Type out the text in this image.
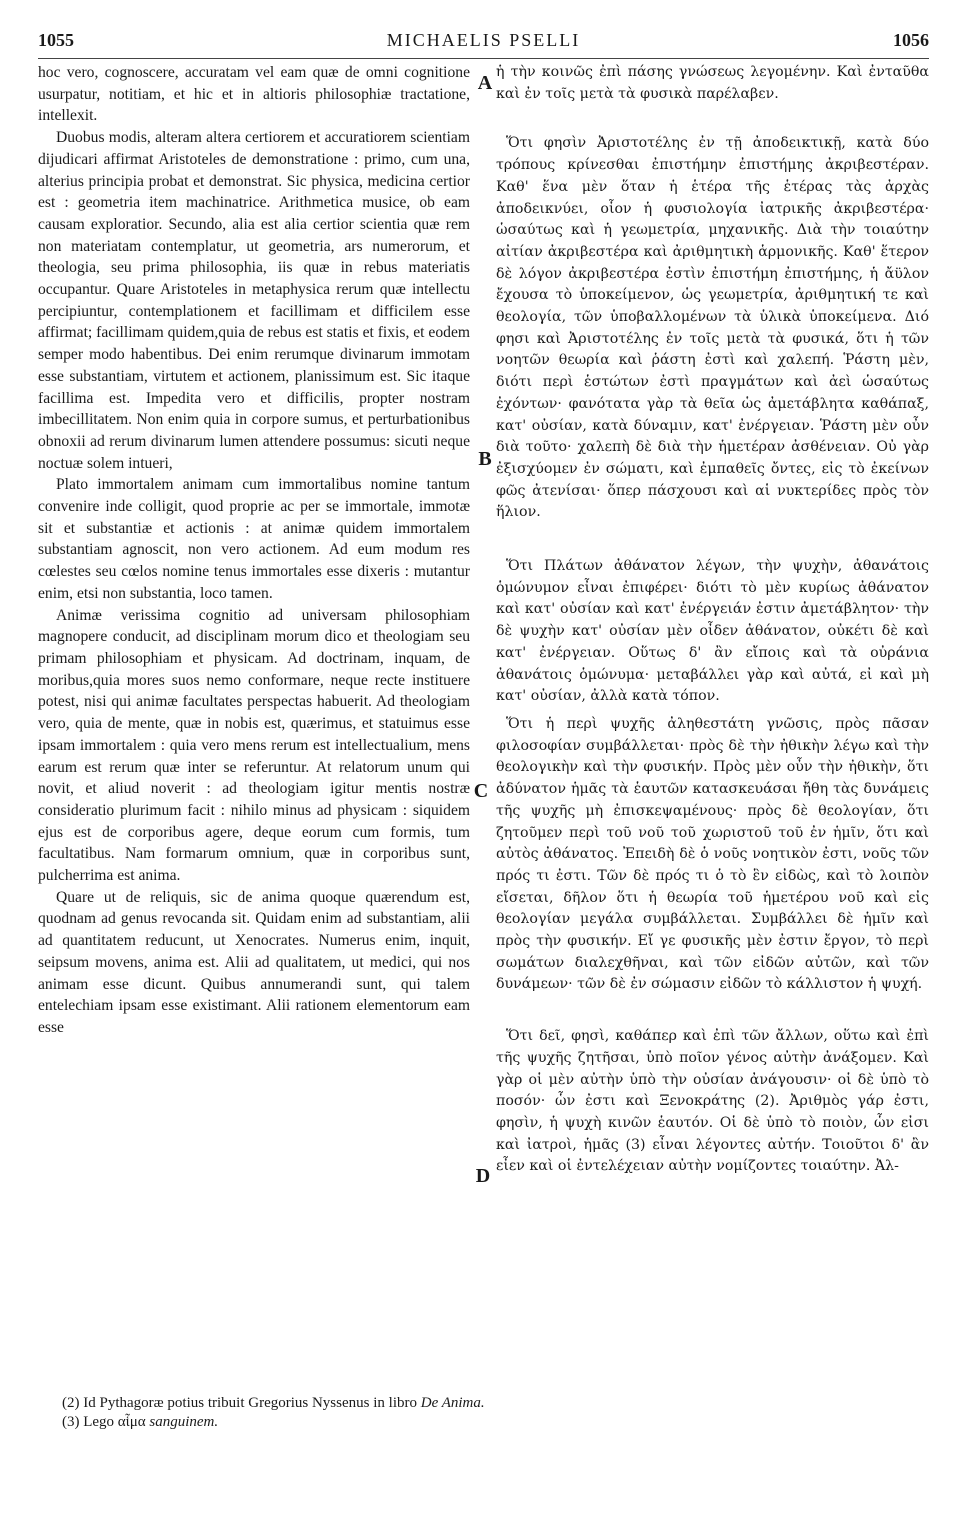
1055	MICHAELIS PSELLI	1056

hoc vero, cognoscere, accuratam vel eam quæ de omni cognitione usurpatur, notitiam, et hic et in altioris philosophiæ tractatione, intellexit.

Duobus modis, alteram altera certiorem et accuratiorem scientiam dijudicari affirmat Aristoteles de demonstratione : primo, cum una, alterius principia probat et demonstrat. Sic physica, medicina certior est : geometria item machinatrice. Arithmetica musice, ob eam causam exploratior. Secundo, alia est alia certior scientia quæ rem non materiatam contemplatur, ut geometria, ars numerorum, et theologia, seu prima philosophia, iis quæ in rebus materiatis occupantur. Quare Aristoteles in metaphysica rerum quæ intellectu percipiuntur, contemplationem et facillimam et difficilem esse affirmat; facillimam quidem,quia de rebus est statis et fixis, et eodem semper modo habentibus. Dei enim rerumque divinarum immotam esse substantiam, virtutem et actionem, planissimum est. Sic itaque facillima est. Impedita vero et difficilis, propter nostram imbecillitatem. Non enim quia in corpore sumus, et perturbationibus obnoxii ad rerum divinarum lumen attendere possumus: sicuti neque noctuæ solem intueri,

Plato immortalem animam cum immortalibus nomine tantum convenire inde colligit, quod proprie ac per se immortale, immotæ sit et substantiæ et actionis : at animæ quidem immortalem substantiam agnoscit, non vero actionem. Ad eum modum res cœlestes seu cœlos nomine tenus immortales esse dixeris : mutantur enim, etsi non substantia, loco tamen.

Animæ verissima cognitio ad universam philosophiam magnopere conducit, ad disciplinam morum dico et theologiam seu primam philosophiam et physicam. Ad doctrinam, inquam, de moribus,quia mores suos nemo conformare, neque recte instituere potest, nisi qui animæ facultates perspectas habuerit. Ad theologiam vero, quia de mente, quæ in nobis est, quærimus, et statuimus esse ipsam immortalem : quia vero mens rerum est intellectualium, mens earum est rerum quæ inter se referuntur. At relatorum unum qui novit, et aliud noverit : ad theologiam igitur mentis nostræ consideratio plurimum facit : nihilo minus ad physicam : siquidem ejus est de corporibus agere, deque eorum cum formis, tum facultatibus. Nam formarum omnium, quæ in corporibus sunt, pulcherrima est anima.

Quare ut de reliquis, sic de anima quoque quærendum est, quodnam ad genus revocanda sit. Quidam enim ad substantiam, alii ad quantitatem reducunt, ut Xenocrates. Numerus enim, inquit, seipsum movens, anima est. Alii ad qualitatem, ut medici, qui nos animam esse dicunt. Quibus annumerandi sunt, qui talem entelechiam ipsam esse existimant. Alii rationem elementorum eam esse

A
B
C
D

ἡ τὴν κοινῶς ἐπὶ πάσης γνώσεως λεγομένην. Καὶ ἐνταῦθα καὶ ἐν τοῖς μετὰ τὰ φυσικὰ παρέλαβεν.

Ὅτι φησὶν Ἀριστοτέλης ἐν τῇ ἀποδεικτικῇ, κατὰ δύο τρόπους κρίνεσθαι ἐπιστήμην ἐπιστήμης ἀκριβεστέραν. Καθ' ἕνα μὲν ὅταν ἡ ἑτέρα τῆς ἑτέρας τὰς ἀρχὰς ἀποδεικνύει, οἷον ἡ φυσιολογία ἰατρικῆς ἀκριβεστέρα· ὡσαύτως καὶ ἡ γεωμετρία, μηχανικῆς. Διὰ τὴν τοιαύτην αἰτίαν ἀκριβεστέρα καὶ ἀριθμητικὴ ἁρμονικῆς. Καθ' ἕτερον δὲ λόγον ἀκριβεστέρα ἐστὶν ἐπιστήμη ἐπιστήμης, ἡ ἄϋλον ἔχουσα τὸ ὑποκείμενον, ὡς γεωμετρία, ἀριθμητική τε καὶ θεολογία, τῶν ὑποβαλλομένων τὰ ὑλικὰ ὑποκείμενα. Διό φησι καὶ Ἀριστοτέλης ἐν τοῖς μετὰ τὰ φυσικά, ὅτι ἡ τῶν νοητῶν θεωρία καὶ ῥάστη ἐστὶ καὶ χαλεπή. Ῥάστη μὲν, διότι περὶ ἑστώτων ἐστὶ πραγμάτων καὶ ἀεὶ ὡσαύτως ἐχόντων· φανότατα γὰρ τὰ θεῖα ὡς ἀμετάβλητα καθάπαξ, κατ' οὐσίαν, κατὰ δύναμιν, κατ' ἐνέργειαν. Ῥάστη μὲν οὖν διὰ τοῦτο· χαλεπὴ δὲ διὰ τὴν ἡμετέραν ἀσθένειαν. Οὐ γὰρ ἐξισχύομεν ἐν σώματι, καὶ ἐμπαθεῖς ὄντες, εἰς τὸ ἐκείνων φῶς ἀτενίσαι· ὅπερ πάσχουσι καὶ αἱ νυκτερίδες πρὸς τὸν ἥλιον.

Ὅτι Πλάτων ἀθάνατον λέγων, τὴν ψυχὴν, ἀθανάτοις ὁμώνυμον εἶναι ἐπιφέρει· διότι τὸ μὲν κυρίως ἀθάνατον καὶ κατ' οὐσίαν καὶ κατ' ἐνέργειάν ἐστιν ἀμετάβλητον· τὴν δὲ ψυχὴν κατ' οὐσίαν μὲν οἶδεν ἀθάνατον, οὐκέτι δὲ καὶ κατ' ἐνέργειαν. Οὕτως δ' ἂν εἴποις καὶ τὰ οὐράνια ἀθανάτοις ὁμώνυμα· μεταβάλλει γὰρ καὶ αὐτά, εἰ καὶ μὴ κατ' οὐσίαν, ἀλλὰ κατὰ τόπον.

Ὅτι ἡ περὶ ψυχῆς ἀληθεστάτη γνῶσις, πρὸς πᾶσαν φιλοσοφίαν συμβάλλεται· πρὸς δὲ τὴν ἠθικὴν λέγω καὶ τὴν θεολογικὴν καὶ τὴν φυσικήν. Πρὸς μὲν οὖν τὴν ἠθικὴν, ὅτι ἀδύνατον ἡμᾶς τὰ ἑαυτῶν κατασκευάσαι ἤθη τὰς δυνάμεις τῆς ψυχῆς μὴ ἐπισκεψαμένους· πρὸς δὲ θεολογίαν, ὅτι ζητοῦμεν περὶ τοῦ νοῦ τοῦ χωριστοῦ τοῦ ἐν ἡμῖν, ὅτι καὶ αὐτὸς ἀθάνατος. Ἐπειδὴ δὲ ὁ νοῦς νοητικὸν ἐστι, νοῦς τῶν πρός τι ἐστι. Τῶν δὲ πρός τι ὁ τὸ ἓν εἰδὼς, καὶ τὸ λοιπὸν εἴσεται, δῆλον ὅτι ἡ θεωρία τοῦ ἡμετέρου νοῦ καὶ εἰς θεολογίαν μεγάλα συμβάλλεται. Συμβάλλει δὲ ἡμῖν καὶ πρὸς τὴν φυσικήν. Εἴ γε φυσικῆς μὲν ἐστιν ἔργον, τὸ περὶ σωμάτων διαλεχθῆναι, καὶ τῶν εἰδῶν αὐτῶν, καὶ τῶν δυνάμεων· τῶν δὲ ἐν σώμασιν εἰδῶν τὸ κάλλιστον ἡ ψυχή.

Ὅτι δεῖ, φησὶ, καθάπερ καὶ ἐπὶ τῶν ἄλλων, οὕτω καὶ ἐπὶ τῆς ψυχῆς ζητῆσαι, ὑπὸ ποῖον γένος αὐτὴν ἀνάξομεν. Καὶ γὰρ οἱ μὲν αὐτὴν ὑπὸ τὴν οὐσίαν ἀνάγουσιν· οἱ δὲ ὑπὸ τὸ ποσόν· ὧν ἐστι καὶ Ξενοκράτης (2). Ἀριθμὸς γάρ ἐστι, φησὶν, ἡ ψυχὴ κινῶν ἑαυτόν. Οἱ δὲ ὑπὸ τὸ ποιὸν, ὧν εἰσι καὶ ἰατροὶ, ἡμᾶς (3) εἶναι λέγοντες αὐτήν. Τοιοῦτοι δ' ἂν εἶεν καὶ οἱ ἐντελέχειαν αὐτὴν νομίζοντες τοιαύτην. Ἀλ-

(2) Id Pythagoræ potius tribuit Gregorius Nyssenus in libro De Anima.
(3) Lego αἷμα sanguinem.
